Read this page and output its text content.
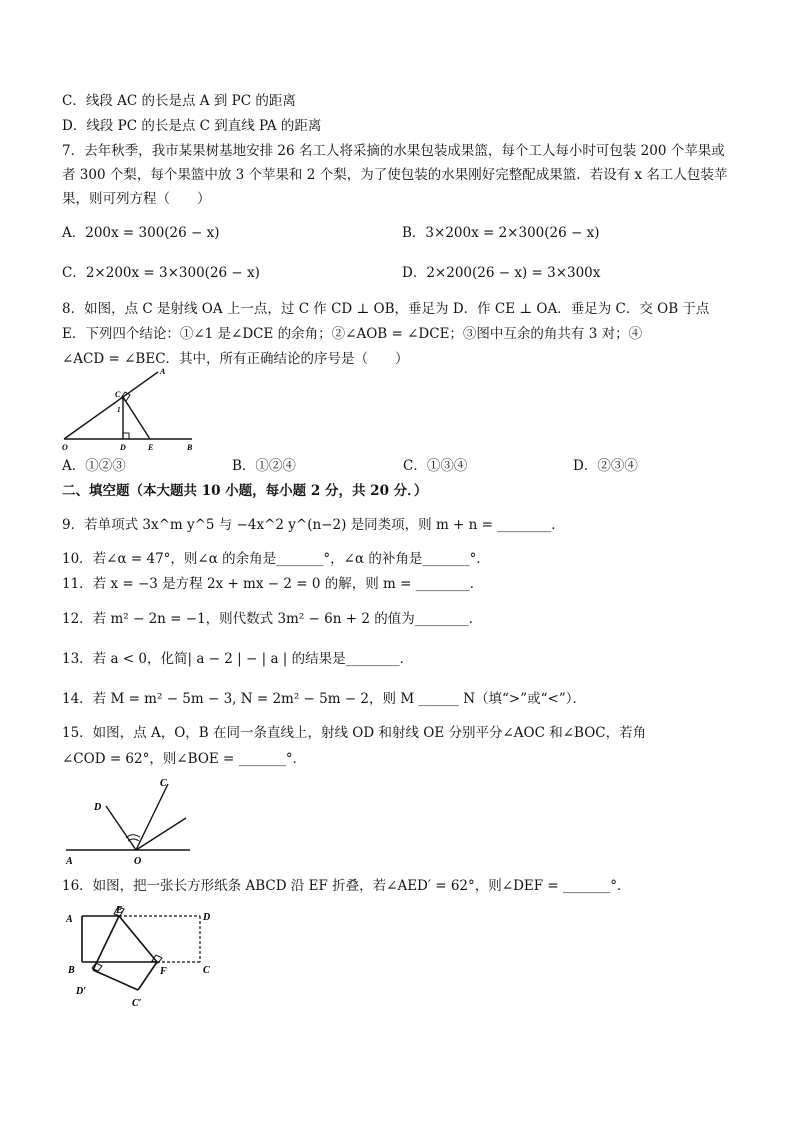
C．线段 AC 的长是点 A 到 PC 的距离
D．线段 PC 的长是点 C 到直线 PA 的距离
7．去年秋季，我市某果树基地安排 26 名工人将采摘的水果包装成果篮，每个工人每小时可包装 200 个苹果或
者 300 个梨，每个果篮中放 3 个苹果和 2 个梨，为了使包装的水果刚好完整配成果篮．若设有 x 名工人包装苹
果，则可列方程（　　）
A．200x = 300(26 − x)	B．3×200x = 2×300(26 − x)
C．2×200x = 3×300(26 − x)	D．2×200(26 − x) = 3×300x
8．如图，点 C 是射线 OA 上一点，过 C 作 CD ⊥ OB，垂足为 D．作 CE ⊥ OA．垂足为 C．交 OB 于点
E．下列四个结论：①∠1 是∠DCE 的余角；②∠AOB = ∠DCE；③图中互余的角共有 3 对；④
∠ACD = ∠BEC．其中，所有正确结论的序号是（　　）
A
C
1
O	D	E	B
A．①②③	B．①②④	C．①③④	D．②③④
二、填空题（本大题共 10 小题，每小题 2 分，共 20 分．）
9．若单项式 3x^m y^5 与 −4x^2 y^(n−2) 是同类项，则 m + n = ________．
10．若∠α = 47°，则∠α 的余角是_______°，∠α 的补角是_______°．
11．若 x = −3 是方程 2x + mx − 2 = 0 的解，则 m = ________．
12．若 m² − 2n = −1，则代数式 3m² − 6n + 2 的值为________．
13．若 a < 0，化简| a − 2 | − | a | 的结果是________．
14．若 M = m² − 5m − 3, N = 2m² − 5m − 2，则 M ______ N（填“>”或“<”）．
15．如图，点 A，O，B 在同一条直线上，射线 OD 和射线 OE 分别平分∠AOC 和∠BOC，若角
∠COD = 62°，则∠BOE = _______°．
C
D
A	O
16．如图，把一张长方形纸条 ABCD 沿 EF 折叠，若∠AED′ = 62°，则∠DEF = _______°．
A
E
D
B	F	C
D′
C′
